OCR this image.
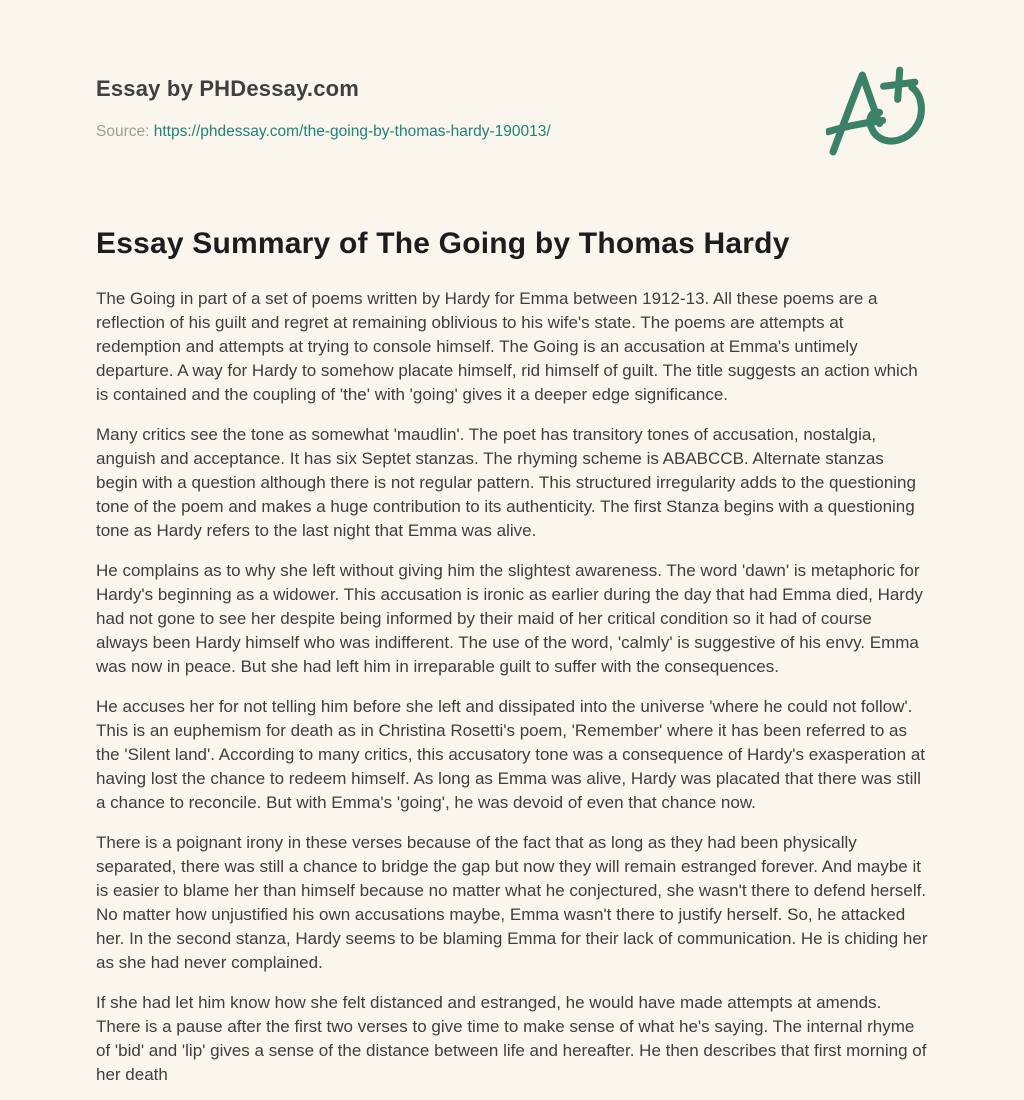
Essay by PHDessay.com
Source: https://phdessay.com/the-going-by-thomas-hardy-190013/
Essay Summary of The Going by Thomas Hardy

The Going in part of a set of poems written by Hardy for Emma between 1912-13. All these poems are a reflection of his guilt and regret at remaining oblivious to his wife's state. The poems are attempts at redemption and attempts at trying to console himself. The Going is an accusation at Emma's untimely departure. A way for Hardy to somehow placate himself, rid himself of guilt. The title suggests an action which is contained and the coupling of 'the' with 'going' gives it a deeper edge significance.

Many critics see the tone as somewhat 'maudlin'. The poet has transitory tones of accusation, nostalgia, anguish and acceptance. It has six Septet stanzas. The rhyming scheme is ABABCCB. Alternate stanzas begin with a question although there is not regular pattern. This structured irregularity adds to the questioning tone of the poem and makes a huge contribution to its authenticity. The first Stanza begins with a questioning tone as Hardy refers to the last night that Emma was alive.

He complains as to why she left without giving him the slightest awareness. The word 'dawn' is metaphoric for Hardy's beginning as a widower. This accusation is ironic as earlier during the day that had Emma died, Hardy had not gone to see her despite being informed by their maid of her critical condition so it had of course always been Hardy himself who was indifferent. The use of the word, 'calmly' is suggestive of his envy. Emma was now in peace. But she had left him in irreparable guilt to suffer with the consequences.

He accuses her for not telling him before she left and dissipated into the universe 'where he could not follow'. This is an euphemism for death as in Christina Rosetti's poem, 'Remember' where it has been referred to as the 'Silent land'. According to many critics, this accusatory tone was a consequence of Hardy's exasperation at having lost the chance to redeem himself. As long as Emma was alive, Hardy was placated that there was still a chance to reconcile. But with Emma's 'going', he was devoid of even that chance now.

There is a poignant irony in these verses because of the fact that as long as they had been physically separated, there was still a chance to bridge the gap but now they will remain estranged forever. And maybe it is easier to blame her than himself because no matter what he conjectured, she wasn't there to defend herself. No matter how unjustified his own accusations maybe, Emma wasn't there to justify herself. So, he attacked her. In the second stanza, Hardy seems to be blaming Emma for their lack of communication. He is chiding her as she had never complained.

If she had let him know how she felt distanced and estranged, he would have made attempts at amends. There is a pause after the first two verses to give time to make sense of what he's saying. The internal rhyme of 'bid' and 'lip' gives a sense of the distance between life and hereafter. He then describes that first morning of her death
